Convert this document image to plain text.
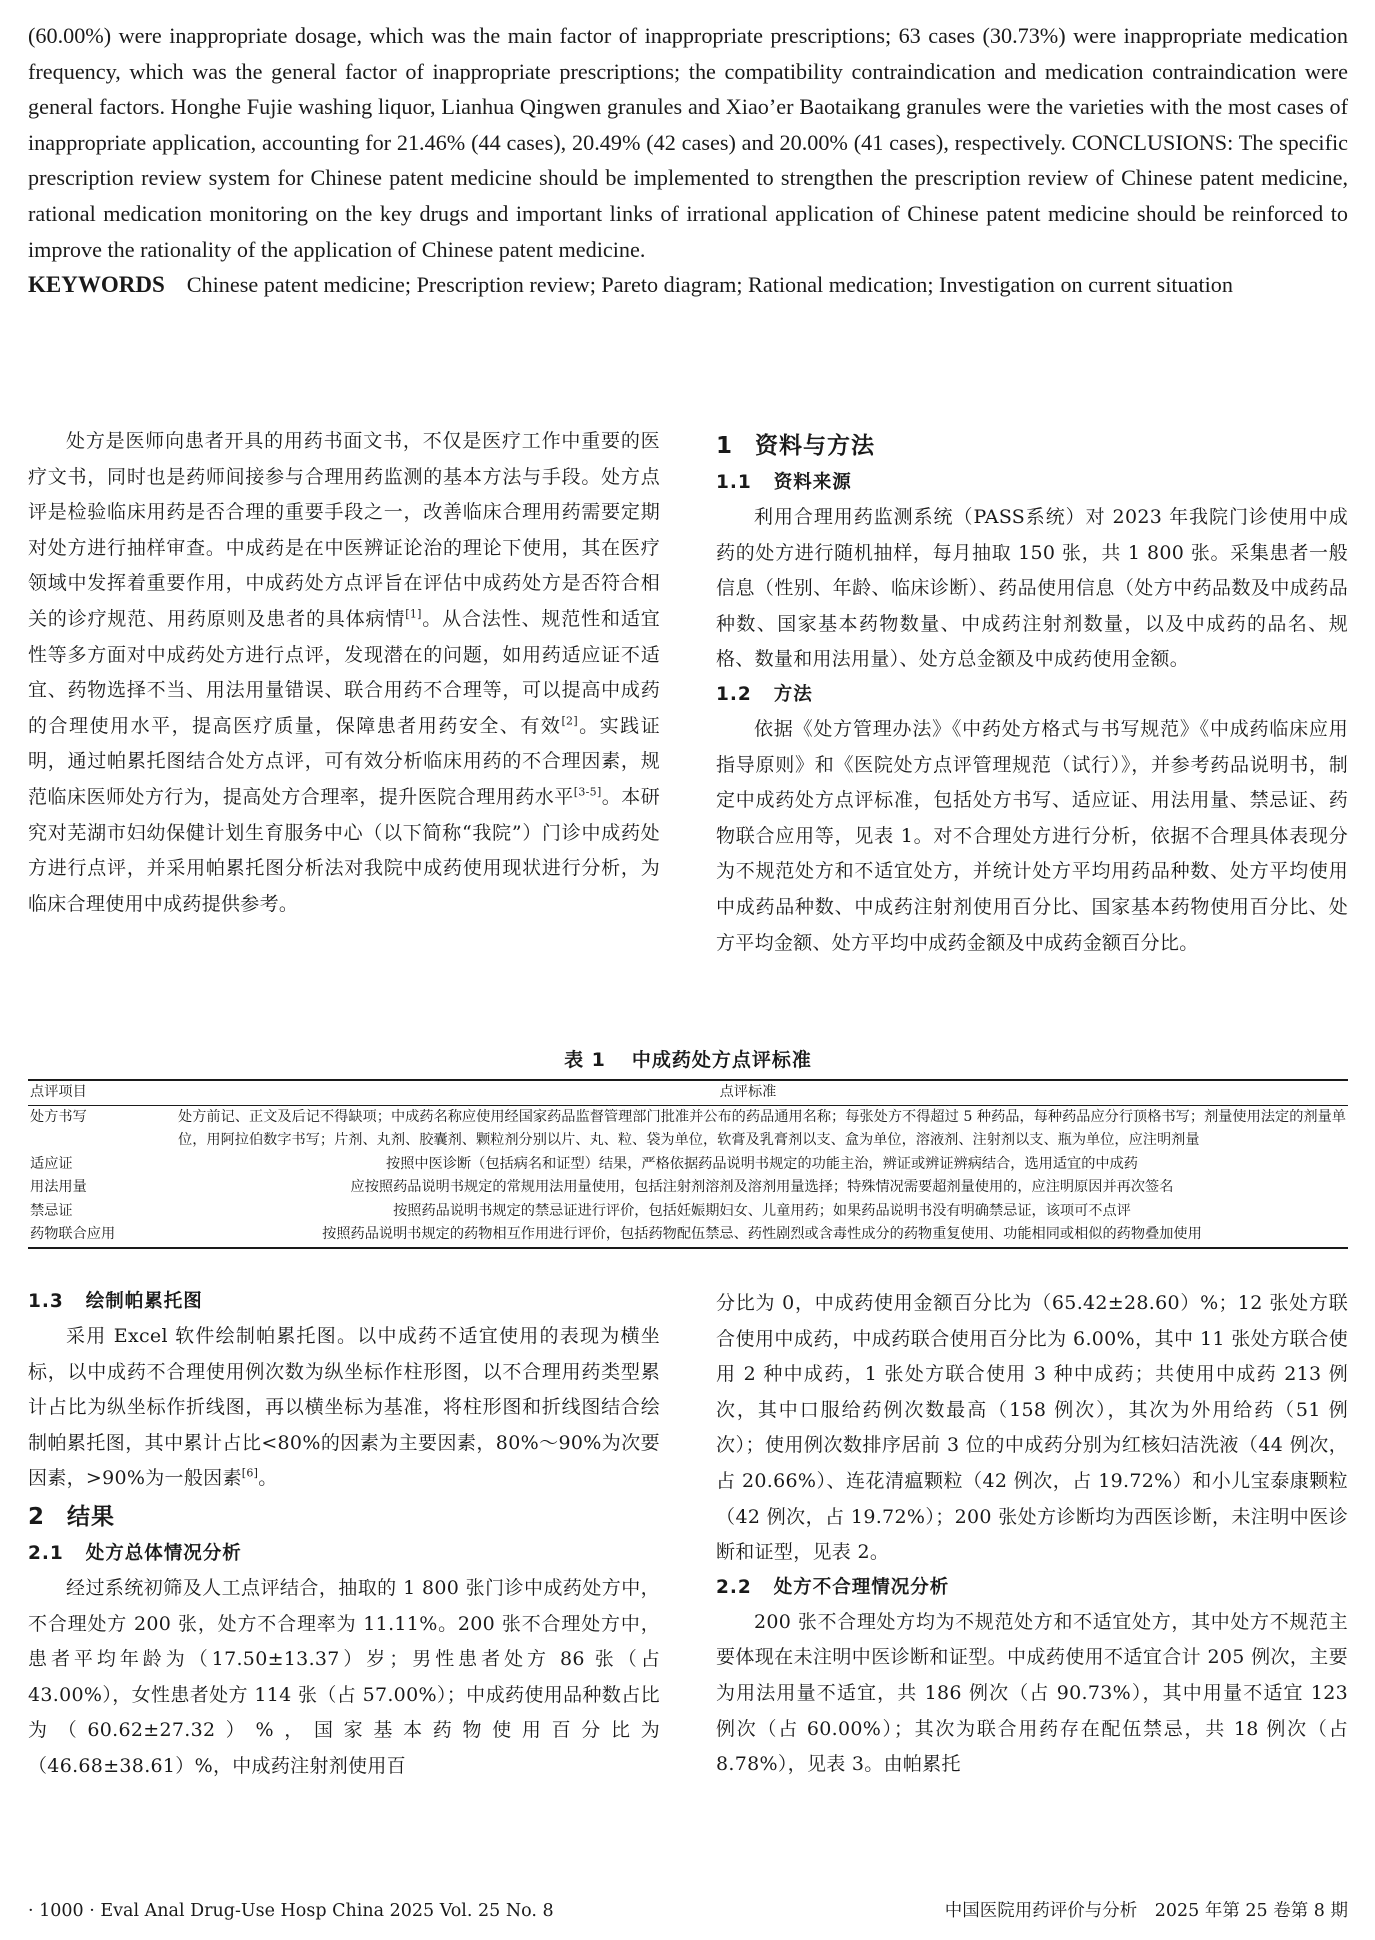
(60.00%) were inappropriate dosage, which was the main factor of inappropriate prescriptions; 63 cases (30.73%) were inappropriate medication frequency, which was the general factor of inappropriate prescriptions; the compatibility contraindication and medication contraindication were general factors. Honghe Fujie washing liquor, Lianhua Qingwen granules and Xiao’er Baotaikang granules were the varieties with the most cases of inappropriate application, accounting for 21.46% (44 cases), 20.49% (42 cases) and 20.00% (41 cases), respectively. CONCLUSIONS: The specific prescription review system for Chinese patent medicine should be implemented to strengthen the prescription review of Chinese patent medicine, rational medication monitoring on the key drugs and important links of irrational application of Chinese patent medicine should be reinforced to improve the rationality of the application of Chinese patent medicine.

KEYWORDS Chinese patent medicine; Prescription review; Pareto diagram; Rational medication; Investigation on current situation

处方是医师向患者开具的用药书面文书，不仅是医疗工作中重要的医疗文书，同时也是药师间接参与合理用药监测的基本方法与手段。处方点评是检验临床用药是否合理的重要手段之一，改善临床合理用药需要定期对处方进行抽样审查。中成药是在中医辨证论治的理论下使用，其在医疗领域中发挥着重要作用，中成药处方点评旨在评估中成药处方是否符合相关的诊疗规范、用药原则及患者的具体病情[1]。从合法性、规范性和适宜性等多方面对中成药处方进行点评，发现潜在的问题，如用药适应证不适宜、药物选择不当、用法用量错误、联合用药不合理等，可以提高中成药的合理使用水平，提高医疗质量，保障患者用药安全、有效[2]。实践证明，通过帕累托图结合处方点评，可有效分析临床用药的不合理因素，规范临床医师处方行为，提高处方合理率，提升医院合理用药水平[3-5]。本研究对芜湖市妇幼保健计划生育服务中心（以下简称“我院”）门诊中成药处方进行点评，并采用帕累托图分析法对我院中成药使用现状进行分析，为临床合理使用中成药提供参考。

1 资料与方法
1.1 资料来源

利用合理用药监测系统（PASS系统）对 2023 年我院门诊使用中成药的处方进行随机抽样，每月抽取 150 张，共 1 800 张。采集患者一般信息（性别、年龄、临床诊断）、药品使用信息（处方中药品数及中成药品种数、国家基本药物数量、中成药注射剂数量，以及中成药的品名、规格、数量和用法用量）、处方总金额及中成药使用金额。

1.2 方法

依据《处方管理办法》《中药处方格式与书写规范》《中成药临床应用指导原则》和《医院处方点评管理规范（试行）》，并参考药品说明书，制定中成药处方点评标准，包括处方书写、适应证、用法用量、禁忌证、药物联合应用等，见表 1。对不合理处方进行分析，依据不合理具体表现分为不规范处方和不适宜处方，并统计处方平均用药品种数、处方平均使用中成药品种数、中成药注射剂使用百分比、国家基本药物使用百分比、处方平均金额、处方平均中成药金额及中成药金额百分比。

表 1 中成药处方点评标准
点评项目	点评标准
处方书写	处方前记、正文及后记不得缺项；中成药名称应使用经国家药品监督管理部门批准并公布的药品通用名称；每张处方不得超过 5 种药品，每种药品应分行顶格书写；剂量使用法定的剂量单位，用阿拉伯数字书写；片剂、丸剂、胶囊剂、颗粒剂分别以片、丸、粒、袋为单位，软膏及乳膏剂以支、盒为单位，溶液剂、注射剂以支、瓶为单位，应注明剂量
适应证	按照中医诊断（包括病名和证型）结果，严格依据药品说明书规定的功能主治，辨证或辨证辨病结合，选用适宜的中成药
用法用量	应按照药品说明书规定的常规用法用量使用，包括注射剂溶剂及溶剂用量选择；特殊情况需要超剂量使用的，应注明原因并再次签名
禁忌证	按照药品说明书规定的禁忌证进行评价，包括妊娠期妇女、儿童用药；如果药品说明书没有明确禁忌证，该项可不点评
药物联合应用	按照药品说明书规定的药物相互作用进行评价，包括药物配伍禁忌、药性剧烈或含毒性成分的药物重复使用、功能相同或相似的药物叠加使用
1.3 绘制帕累托图

采用 Excel 软件绘制帕累托图。以中成药不适宜使用的表现为横坐标，以中成药不合理使用例次数为纵坐标作柱形图，以不合理用药类型累计占比为纵坐标作折线图，再以横坐标为基准，将柱形图和折线图结合绘制帕累托图，其中累计占比<80%的因素为主要因素，80%～90%为次要因素，>90%为一般因素[6]。

2 结果
2.1 处方总体情况分析

经过系统初筛及人工点评结合，抽取的 1 800 张门诊中成药处方中，不合理处方 200 张，处方不合理率为 11.11%。200 张不合理处方中，患者平均年龄为（17.50±13.37）岁；男性患者处方 86 张（占 43.00%），女性患者处方 114 张（占 57.00%）；中成药使用品种数占比为（60.62±27.32）%，国家基本药物使用百分比为（46.68±38.61）%，中成药注射剂使用百

分比为 0，中成药使用金额百分比为（65.42±28.60）%；12 张处方联合使用中成药，中成药联合使用百分比为 6.00%，其中 11 张处方联合使用 2 种中成药，1 张处方联合使用 3 种中成药；共使用中成药 213 例次，其中口服给药例次数最高（158 例次），其次为外用给药（51 例次）；使用例次数排序居前 3 位的中成药分别为红核妇洁洗液（44 例次，占 20.66%）、连花清瘟颗粒（42 例次，占 19.72%）和小儿宝泰康颗粒（42 例次，占 19.72%）；200 张处方诊断均为西医诊断，未注明中医诊断和证型，见表 2。

2.2 处方不合理情况分析

200 张不合理处方均为不规范处方和不适宜处方，其中处方不规范主要体现在未注明中医诊断和证型。中成药使用不适宜合计 205 例次，主要为用法用量不适宜，共 186 例次（占 90.73%），其中用量不适宜 123 例次（占 60.00%）；其次为联合用药存在配伍禁忌，共 18 例次（占 8.78%），见表 3。由帕累托

· 1000 · Eval Anal Drug-Use Hosp China 2025 Vol. 25 No. 8	中国医院用药评价与分析　2025 年第 25 卷第 8 期
